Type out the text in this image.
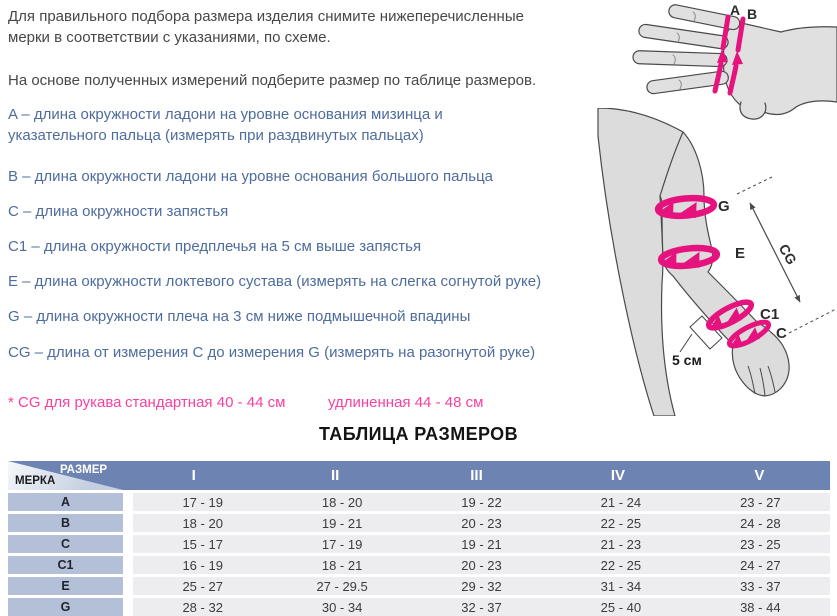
Для правильного подбора размера изделия снимите нижеперечисленные мерки в соответствии с указаниями, по схеме.
На основе полученных измерений подберите размер по таблице размеров.
A – длина окружности ладони на уровне основания мизинца и указательного пальца (измерять при раздвинутых пальцах)
B – длина окружности ладони на уровне основания большого пальца
C – длина окружности запястья
C1 – длина окружности предплечья на 5 см выше запястья
E – длина окружности локтевого сустава (измерять на слегка согнутой руке)
G – длина окружности плеча на 3 см ниже подмышечной впадины
CG – длина от измерения C до измерения G (измерять на разогнутой руке)
* CG для рукава стандартная 40 - 44 см	удлиненная 44 - 48 см
ТАБЛИЦА РАЗМЕРОВ
A B
G
E
C1
C
CG
5 см
РАЗМЕР
МЕРКА	I	II	III	IV	V
A	17 - 19	18 - 20	19 - 22	21 - 24	23 - 27
B	18 - 20	19 - 21	20 - 23	22 - 25	24 - 28
C	15 - 17	17 - 19	19 - 21	21 - 23	23 - 25
C1	16 - 19	18 - 21	20 - 23	22 - 25	24 - 27
E	25 - 27	27 - 29.5	29 - 32	31 - 34	33 - 37
G	28 - 32	30 - 34	32 - 37	25 - 40	38 - 44
